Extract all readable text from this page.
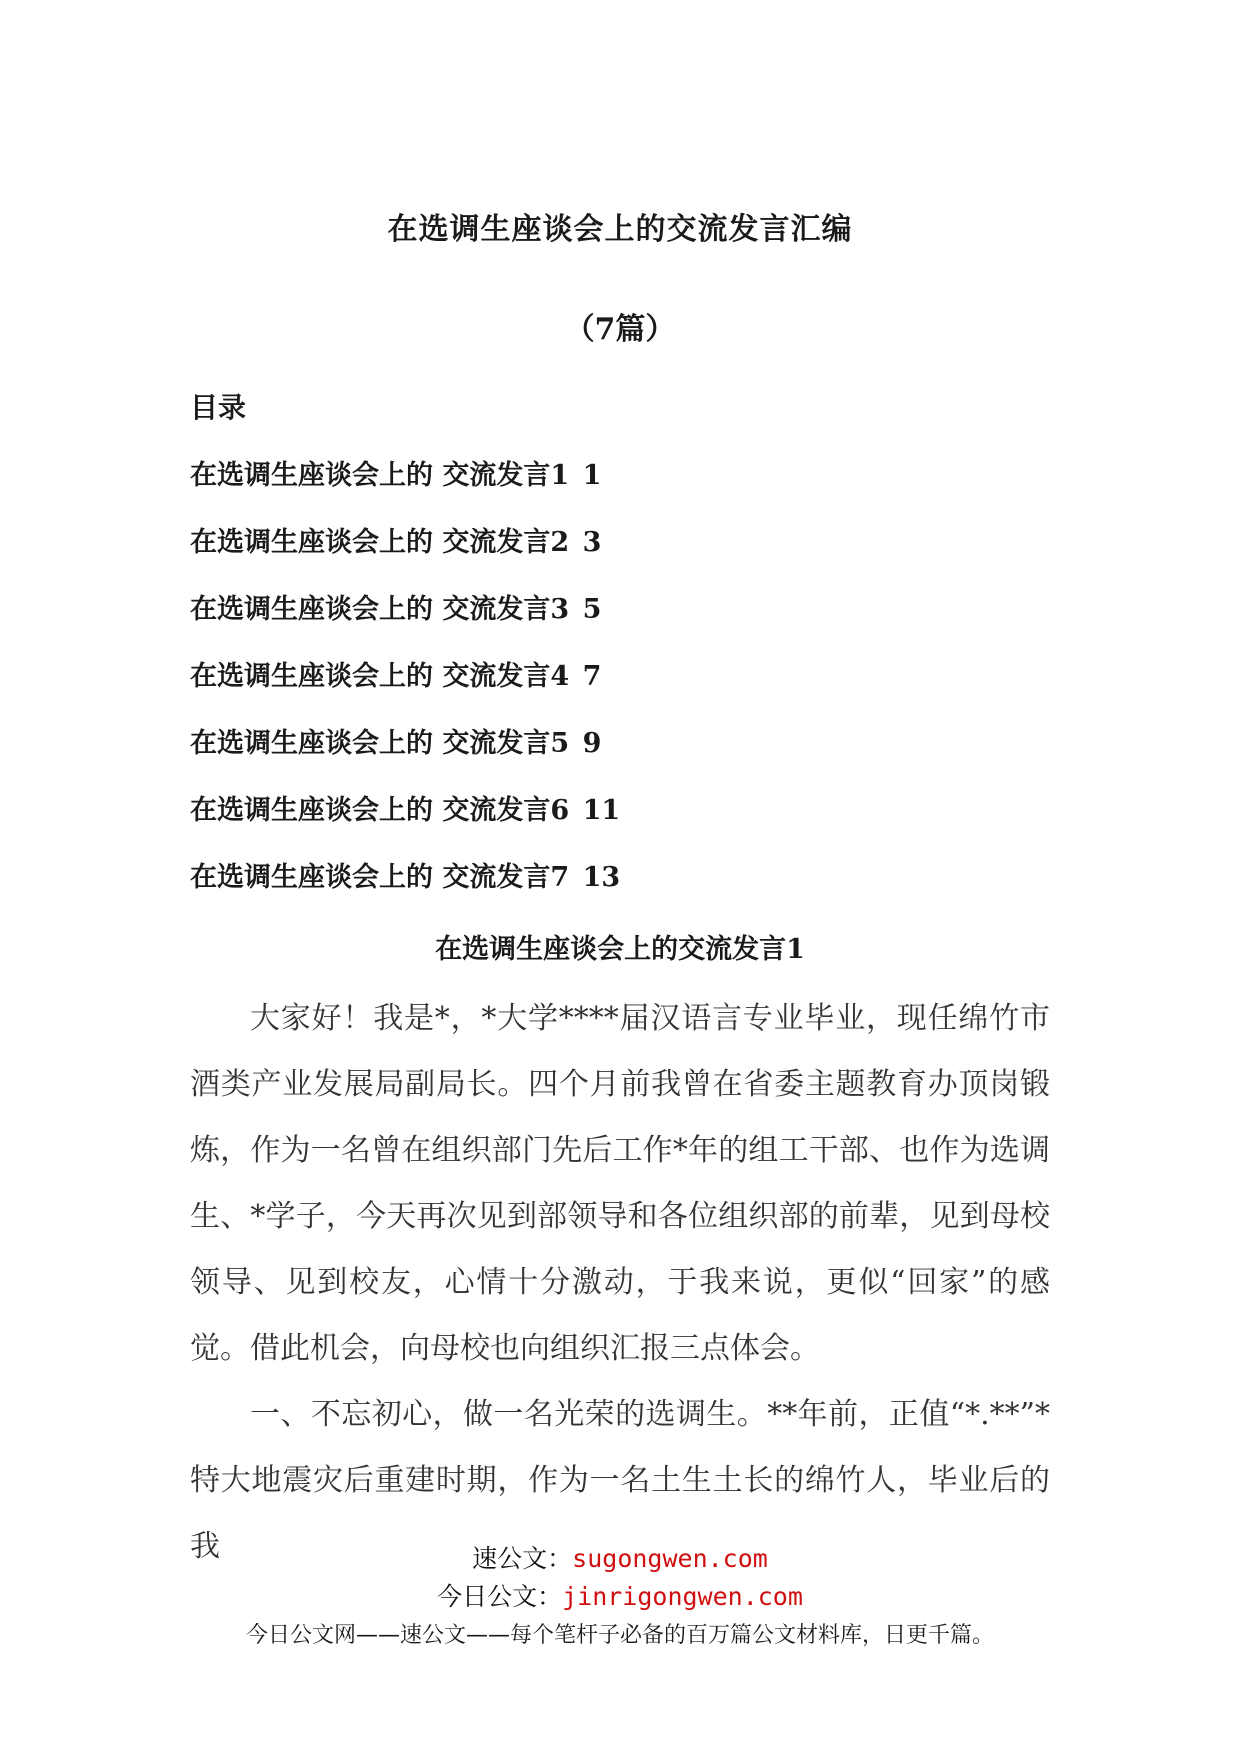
在选调生座谈会上的交流发言汇编
（7篇）
目录
在选调生座谈会上的 交流发言1 1
在选调生座谈会上的 交流发言2 3
在选调生座谈会上的 交流发言3 5
在选调生座谈会上的 交流发言4 7
在选调生座谈会上的 交流发言5 9
在选调生座谈会上的 交流发言6 11
在选调生座谈会上的 交流发言7 13
在选调生座谈会上的交流发言1

大家好！我是*，*大学****届汉语言专业毕业，现任绵竹市酒类产业发展局副局长。四个月前我曾在省委主题教育办顶岗锻炼，作为一名曾在组织部门先后工作*年的组工干部、也作为选调生、*学子，今天再次见到部领导和各位组织部的前辈，见到母校领导、见到校友，心情十分激动，于我来说，更似“回家”的感觉。借此机会，向母校也向组织汇报三点体会。

一、不忘初心，做一名光荣的选调生。**年前，正值“*.**”*特大地震灾后重建时期，作为一名土生土长的绵竹人，毕业后的我	速公文：sugongwen.com
今日公文：jinrigongwen.com
今日公文网——速公文——每个笔杆子必备的百万篇公文材料库，日更千篇。
